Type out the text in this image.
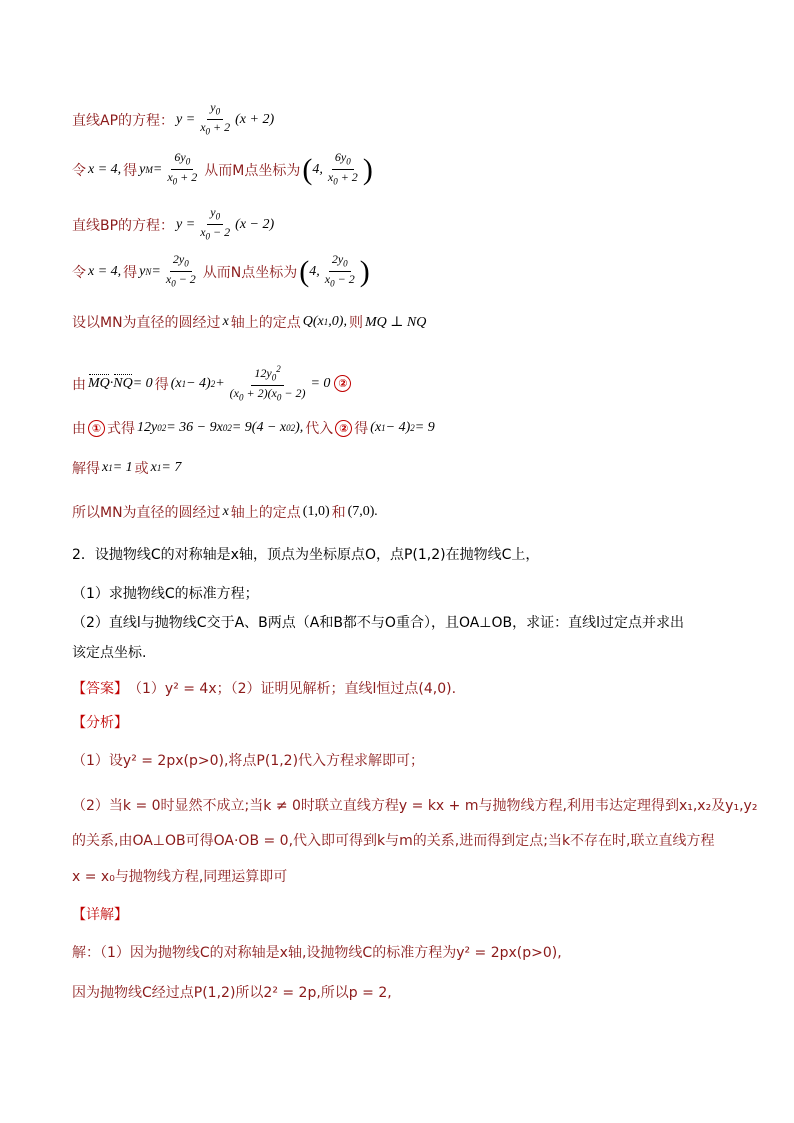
直线AP的方程： $y = \frac{y_0}{x_0 + 2} (x + 2)$
令 x = 4, 得 y $M = \frac{6y_0}{x_0 + 2}$ 从而M点坐标为 ( 4, $\frac{6y_0}{x_0 + 2}$ )
直线BP的方程： $y = \frac{y_0}{x_0 - 2} (x - 2)$
令 x = 4, 得 y $N = \frac{2y_0}{x_0 - 2}$ 从而N点坐标为 ( 4, $\frac{2y_0}{x_0 - 2}$ )
设以MN为直径的圆经过 x 轴上的定点 Q(x 1 ,0), 则 MQ ⊥ NQ
由 MQ · NQ = 0 得 (x 1 − 4) $2 + \frac{12y_0^2}{(x_0 + 2)(x_0 - 2)} = 0$ ②
由 ① 式得 12y 0 2 = 36 − 9x 0 2 = 9(4 − x 0 2 ), 代入 ② 得 (x 1 − 4) 2 = 9
解得 x 1 = 1 或 x 1 = 7
所以MN为直径的圆经过 x 轴上的定点 (1,0) 和 (7,0) .
2．设抛物线C的对称轴是x轴，顶点为坐标原点O，点P(1,2)在抛物线C上，
（1）求抛物线C的标准方程；
（2）直线l与抛物线C交于A、B两点（A和B都不与O重合），且OA⊥OB，求证：直线l过定点并求出
该定点坐标.
【答案】 （1）y² = 4x；（2）证明见解析；直线l恒过点(4,0).
【分析】
（1）设y² = 2px(p>0),将点P(1,2)代入方程求解即可；
（2）当k = 0时显然不成立;当k ≠ 0时联立直线方程y = kx + m与抛物线方程,利用韦达定理得到x₁,x₂及y₁,y₂
的关系,由OA⊥OB可得OA·OB = 0,代入即可得到k与m的关系,进而得到定点;当k不存在时,联立直线方程
x = x₀与抛物线方程,同理运算即可
【详解】
解：（1）因为抛物线C的对称轴是x轴,设抛物线C的标准方程为y² = 2px(p>0),
因为抛物线C经过点P(1,2)所以2² = 2p,所以p = 2,
